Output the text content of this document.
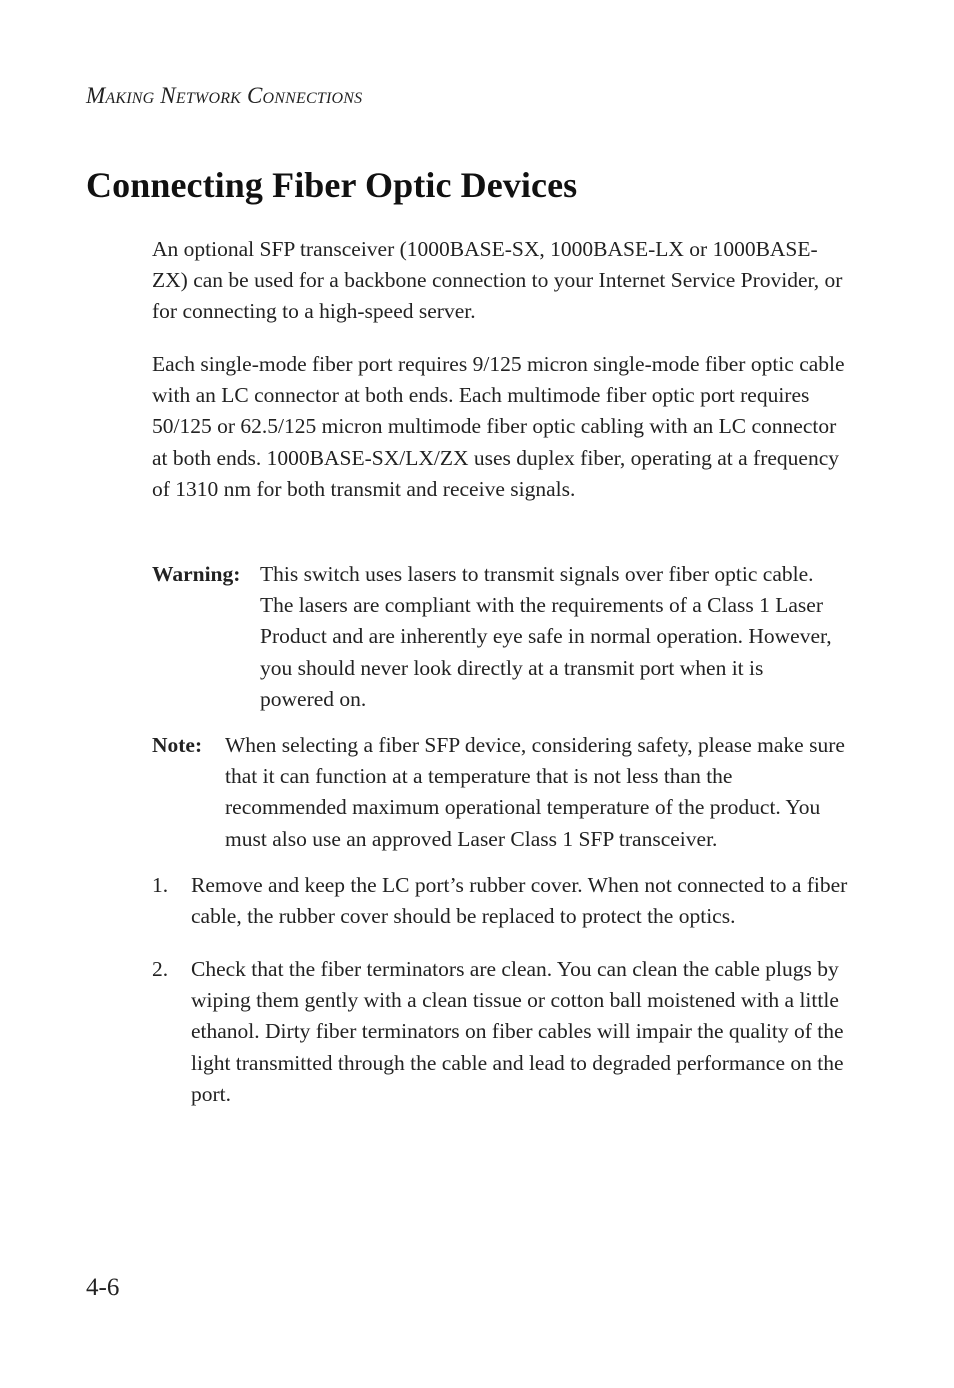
Making Network Connections
Connecting Fiber Optic Devices

An optional SFP transceiver (1000BASE-SX, 1000BASE-LX or 1000BASE-ZX) can be used for a backbone connection to your Internet Service Provider, or for connecting to a high-speed server.

Each single-mode fiber port requires 9/125 micron single-mode fiber optic cable with an LC connector at both ends. Each multimode fiber optic port requires 50/125 or 62.5/125 micron multimode fiber optic cabling with an LC connector at both ends. 1000BASE-SX/LX/ZX uses duplex fiber, operating at a frequency of 1310 nm for both transmit and receive signals.

Warning: This switch uses lasers to transmit signals over fiber optic cable. The lasers are compliant with the requirements of a Class 1 Laser Product and are inherently eye safe in normal operation. However, you should never look directly at a transmit port when it is powered on.

Note: When selecting a fiber SFP device, considering safety, please make sure that it can function at a temperature that is not less than the recommended maximum operational temperature of the product. You must also use an approved Laser Class 1 SFP transceiver.

1. Remove and keep the LC port’s rubber cover. When not connected to a fiber cable, the rubber cover should be replaced to protect the optics.

2. Check that the fiber terminators are clean. You can clean the cable plugs by wiping them gently with a clean tissue or cotton ball moistened with a little ethanol. Dirty fiber terminators on fiber cables will impair the quality of the light transmitted through the cable and lead to degraded performance on the port.

4-6
